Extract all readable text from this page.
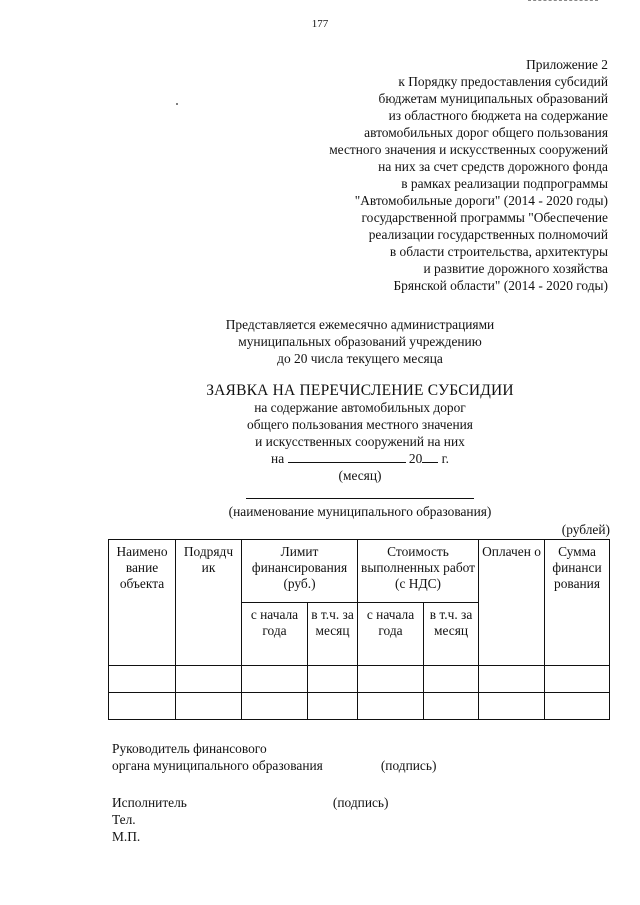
177
Приложение 2
к Порядку предоставления субсидий
бюджетам муниципальных образований
из областного бюджета на содержание
автомобильных дорог общего пользования
местного значения и искусственных сооружений
на них за счет средств дорожного фонда
в рамках реализации подпрограммы
"Автомобильные дороги" (2014 - 2020 годы)
государственной программы "Обеспечение
реализации государственных полномочий
в области строительства, архитектуры
и развитие дорожного хозяйства
Брянской области" (2014 - 2020 годы)
Представляется ежемесячно администрациями
муниципальных образований учреждению
до 20 числа текущего месяца
ЗАЯВКА НА ПЕРЕЧИСЛЕНИЕ СУБСИДИИ
на содержание автомобильных дорог
общего пользования местного значения
и искусственных сооружений на них
на	20 г.
(месяц)
(наименование муниципального образования)
(рублей)
Наимено вание объекта	Подрядч ик	Лимит финансирования (руб.)		Стоимость выполненных работ (с НДС)		Оплачен о	Сумма финанси рования
		с начала года	в т.ч. за месяц	с начала года	в т.ч. за месяц		

Руководитель финансового
органа муниципального образования	(подпись)
Исполнитель	(подпись)
Тел.
М.П.
